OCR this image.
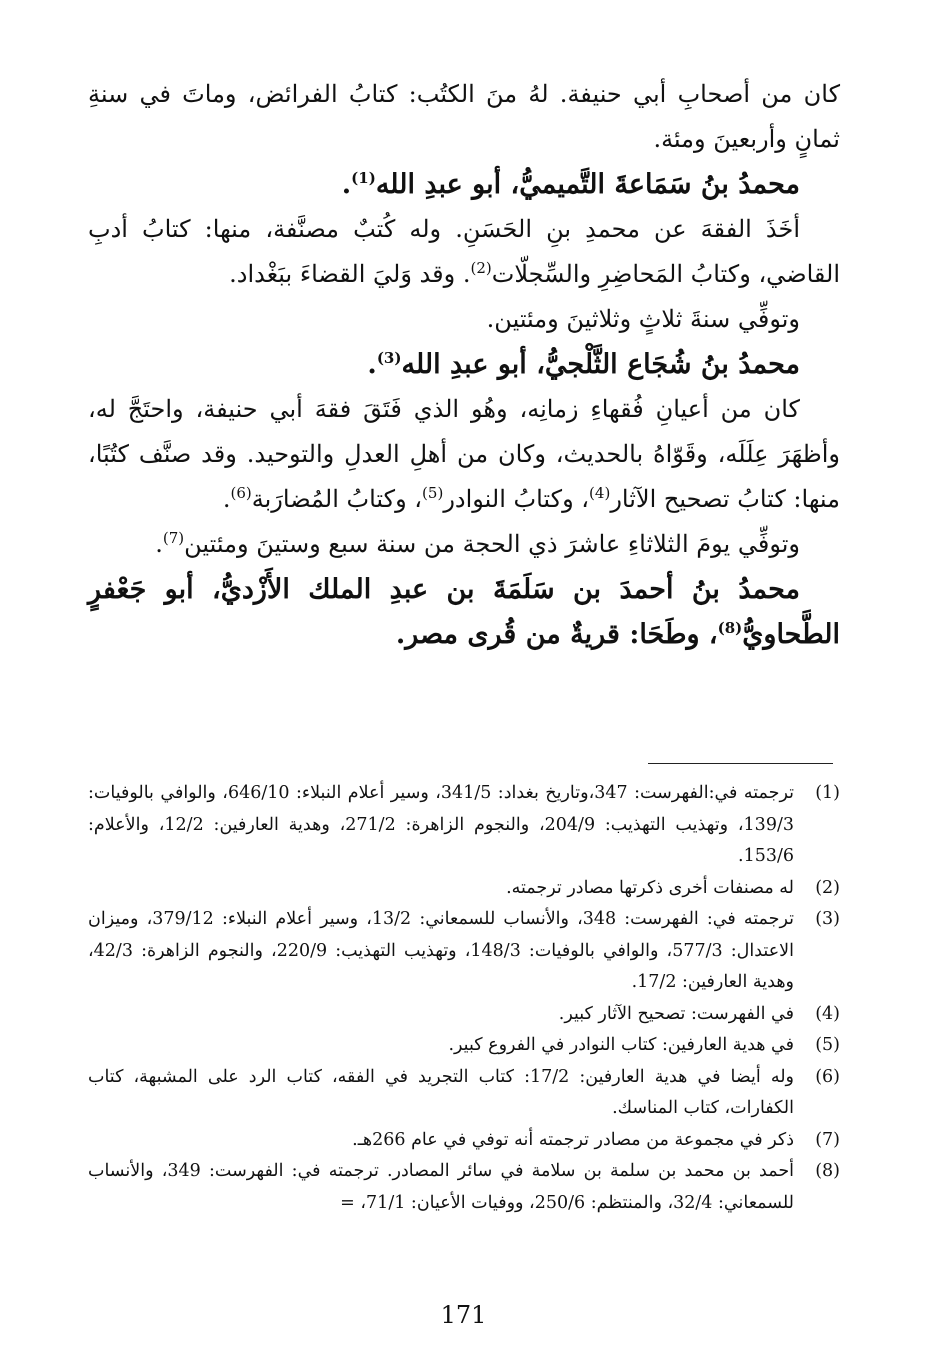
كان من أصحابِ أبي حنيفة. لهُ منَ الكتُب: كتابُ الفرائض، وماتَ في سنةِ ثمانٍ وأربعينَ ومئة.

محمدُ بنُ سَمَاعةَ التَّميميُّ، أبو عبدِ الله$^{(1)}$.

أخَذَ الفقهَ عن محمدِ بنِ الحَسَنِ. وله كُتبٌ مصنَّفة، منها: كتابُ أدبِ القاضي، وكتابُ المَحاضِرِ والسِّجلّات$^{(2)}$. وقد وَليَ القضاءَ ببَغْداد.

وتوفِّي سنةَ ثلاثٍ وثلاثينَ ومئتين.

محمدُ بنُ شُجَاع الثَّلْجيُّ، أبو عبدِ الله$^{(3)}$.

كان من أعيانِ فُقهاءِ زمانِه، وهُو الذي فَتَقَ فقهَ أبي حنيفة، واحتَجَّ له، وأظهَرَ عِلَلَه، وقَوّاهُ بالحديث، وكان من أهلِ العدلِ والتوحيد. وقد صنَّف كتُبًا، منها: كتابُ تصحيح الآثار$^{(4)}$، وكتابُ النوادر$^{(5)}$، وكتابُ المُضارَبة$^{(6)}$.

وتوفِّي يومَ الثلاثاءِ عاشرَ ذي الحجة من سنة سبع وستينَ ومئتين$^{(7)}$.

محمدُ بنُ أحمدَ بن سَلَمَةَ بن عبدِ الملك الأَزْديُّ، أبو جَعْفرٍ الطَّحاويُّ$^{(8)}$، وطَحَا: قريةٌ من قُرى مصر.

(1)
ترجمته في:الفهرست: 347،وتاريخ بغداد: 341/5، وسير أعلام النبلاء: 646/10، والوافي بالوفيات: 139/3، وتهذيب التهذيب: 204/9، والنجوم الزاهرة: 271/2، وهدية العارفين: 12/2، والأعلام: 153/6.
(2)
له مصنفات أخرى ذكرتها مصادر ترجمته.
(3)
ترجمته في: الفهرست: 348، والأنساب للسمعاني: 13/2، وسير أعلام النبلاء: 379/12، وميزان الاعتدال: 577/3، والوافي بالوفيات: 148/3، وتهذيب التهذيب: 220/9، والنجوم الزاهرة: 42/3، وهدية العارفين: 17/2.
(4)
في الفهرست: تصحيح الآثار كبير.
(5)
في هدية العارفين: كتاب النوادر في الفروع كبير.
(6)
وله أيضا في هدية العارفين: 17/2: كتاب التجريد في الفقه، كتاب الرد على المشبهة، كتاب الكفارات، كتاب المناسك.
(7)
ذكر في مجموعة من مصادر ترجمته أنه توفي في عام 266هـ.
(8)
أحمد بن محمد بن سلمة بن سلامة في سائر المصادر. ترجمته في: الفهرست: 349، والأنساب للسمعاني: 32/4، والمنتظم: 250/6، ووفيات الأعيان: 71/1، =
171
